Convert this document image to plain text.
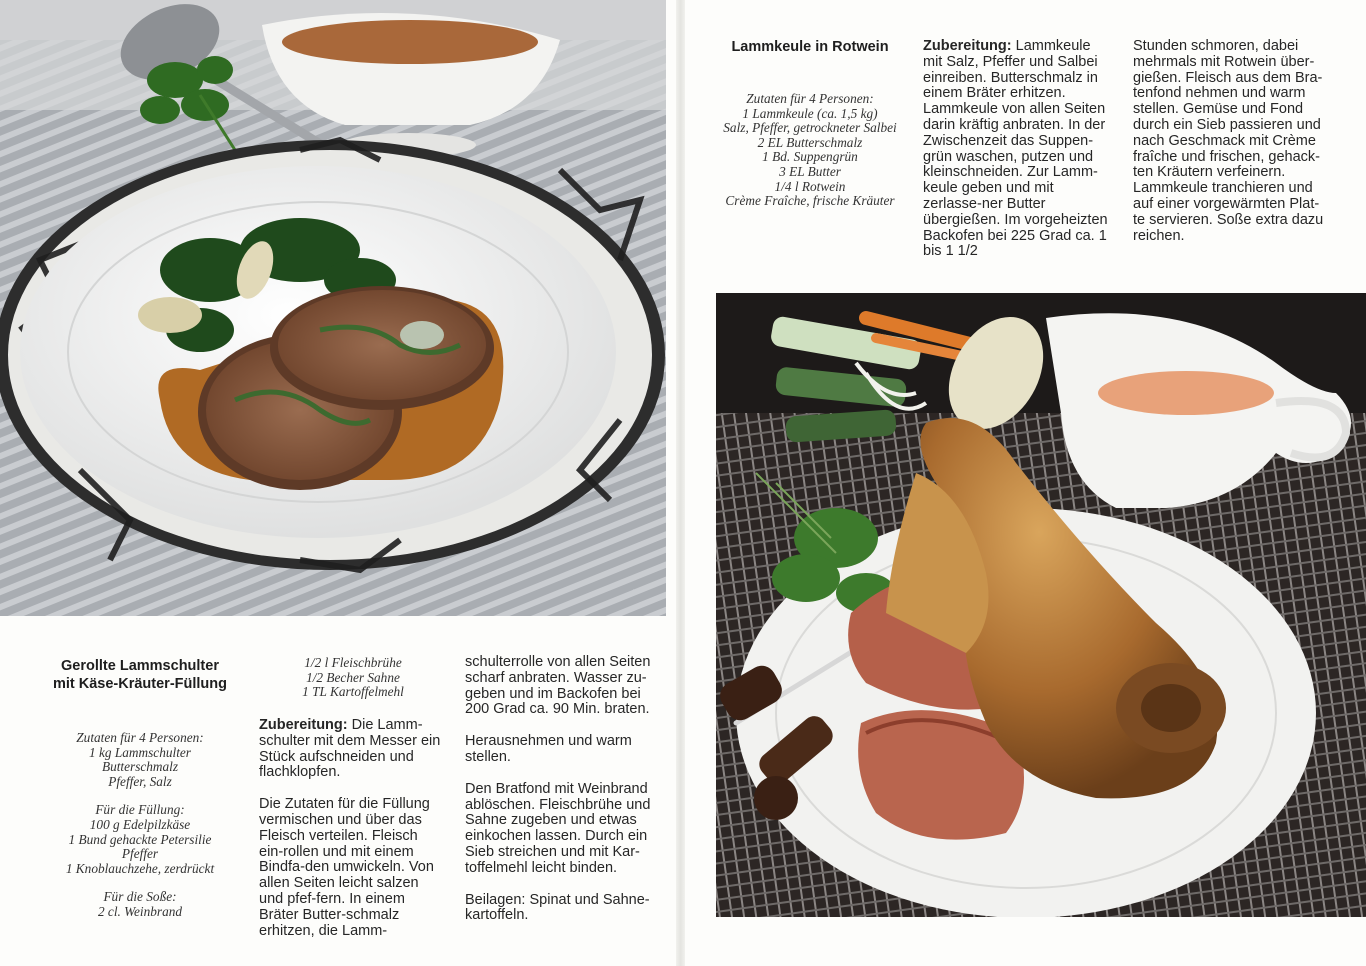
Gerollte Lammschulter
mit Käse-Kräuter-Füllung
Zutaten für 4 Personen:
1 kg Lammschulter
Butterschmalz
Pfeffer, Salz
Für die Füllung:
100 g Edelpilzkäse
1 Bund gehackte Petersilie
Pfeffer
1 Knoblauchzehe, zerdrückt
Für die Soße:
2 cl. Weinbrand
1/2 l Fleischbrühe
1/2 Becher Sahne
1 TL Kartoffelmehl

Zubereitung: Die Lamm-schulter mit dem Messer ein Stück aufschneiden und flachklopfen.

Die Zutaten für die Füllung vermischen und über das Fleisch verteilen. Fleisch ein-rollen und mit einem Bindfa-den umwickeln. Von allen Seiten leicht salzen und pfef-fern. In einem Bräter Butter-schmalz erhitzen, die Lamm-

schulterrolle von allen Seiten scharf anbraten. Wasser zu-geben und im Backofen bei 200 Grad ca. 90 Min. braten.

Herausnehmen und warm stellen.

Den Bratfond mit Weinbrand ablöschen. Fleischbrühe und Sahne zugeben und etwas einkochen lassen. Durch ein Sieb streichen und mit Kar-toffelmehl leicht binden.

Beilagen: Spinat und Sahne-kartoffeln.

Lammkeule in Rotwein
Zutaten für 4 Personen:
1 Lammkeule (ca. 1,5 kg)
Salz, Pfeffer, getrockneter Salbei
2 EL Butterschmalz
1 Bd. Suppengrün
3 EL Butter
1/4 l Rotwein
Crème Fraîche, frische Kräuter

Zubereitung: Lammkeule mit Salz, Pfeffer und Salbei einreiben. Butterschmalz in einem Bräter erhitzen. Lammkeule von allen Seiten darin kräftig anbraten. In der Zwischenzeit das Suppen-grün waschen, putzen und kleinschneiden. Zur Lamm-keule geben und mit zerlasse-ner Butter übergießen. Im vorgeheizten Backofen bei 225 Grad ca. 1 bis 1 1/2

Stunden schmoren, dabei mehrmals mit Rotwein über-gießen. Fleisch aus dem Bra-tenfond nehmen und warm stellen. Gemüse und Fond durch ein Sieb passieren und nach Geschmack mit Crème fraîche und frischen, gehack-ten Kräutern verfeinern. Lammkeule tranchieren und auf einer vorgewärmten Plat-te servieren. Soße extra dazu reichen.
